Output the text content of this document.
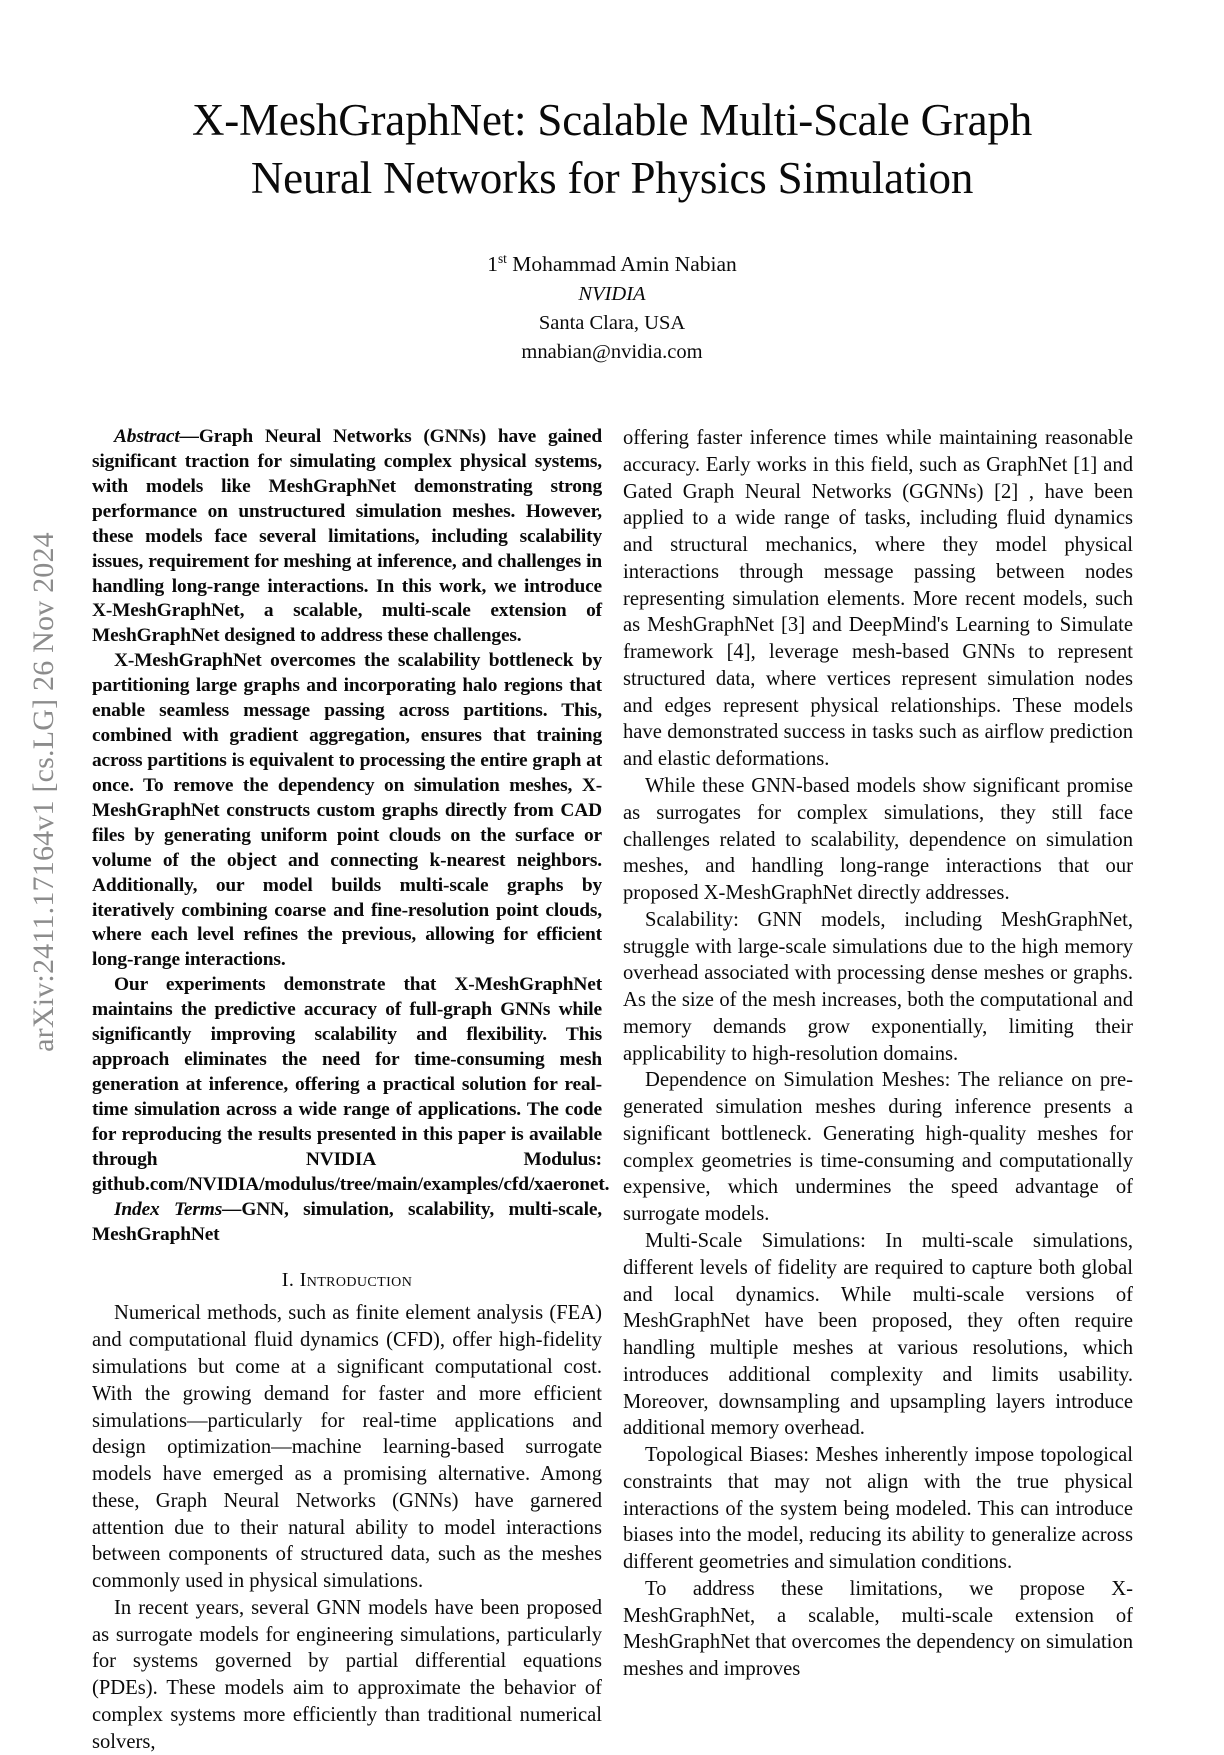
arXiv:2411.17164v1 [cs.LG] 26 Nov 2024
X-MeshGraphNet: Scalable Multi-Scale Graph Neural Networks for Physics Simulation
1st Mohammad Amin Nabian
NVIDIA
Santa Clara, USA
mnabian@nvidia.com

Abstract—Graph Neural Networks (GNNs) have gained significant traction for simulating complex physical systems, with models like MeshGraphNet demonstrating strong performance on unstructured simulation meshes. However, these models face several limitations, including scalability issues, requirement for meshing at inference, and challenges in handling long-range interactions. In this work, we introduce X-MeshGraphNet, a scalable, multi-scale extension of MeshGraphNet designed to address these challenges.

X-MeshGraphNet overcomes the scalability bottleneck by partitioning large graphs and incorporating halo regions that enable seamless message passing across partitions. This, combined with gradient aggregation, ensures that training across partitions is equivalent to processing the entire graph at once. To remove the dependency on simulation meshes, X-MeshGraphNet constructs custom graphs directly from CAD files by generating uniform point clouds on the surface or volume of the object and connecting k-nearest neighbors. Additionally, our model builds multi-scale graphs by iteratively combining coarse and fine-resolution point clouds, where each level refines the previous, allowing for efficient long-range interactions.

Our experiments demonstrate that X-MeshGraphNet maintains the predictive accuracy of full-graph GNNs while significantly improving scalability and flexibility. This approach eliminates the need for time-consuming mesh generation at inference, offering a practical solution for real-time simulation across a wide range of applications. The code for reproducing the results presented in this paper is available through NVIDIA Modulus: github.com/NVIDIA/modulus/tree/main/examples/cfd/xaeronet.

Index Terms—GNN, simulation, scalability, multi-scale, MeshGraphNet

I. Introduction

Numerical methods, such as finite element analysis (FEA) and computational fluid dynamics (CFD), offer high-fidelity simulations but come at a significant computational cost. With the growing demand for faster and more efficient simulations—particularly for real-time applications and design optimization—machine learning-based surrogate models have emerged as a promising alternative. Among these, Graph Neural Networks (GNNs) have garnered attention due to their natural ability to model interactions between components of structured data, such as the meshes commonly used in physical simulations.

In recent years, several GNN models have been proposed as surrogate models for engineering simulations, particularly for systems governed by partial differential equations (PDEs). These models aim to approximate the behavior of complex systems more efficiently than traditional numerical solvers,

offering faster inference times while maintaining reasonable accuracy. Early works in this field, such as GraphNet [1] and Gated Graph Neural Networks (GGNNs) [2] , have been applied to a wide range of tasks, including fluid dynamics and structural mechanics, where they model physical interactions through message passing between nodes representing simulation elements. More recent models, such as MeshGraphNet [3] and DeepMind's Learning to Simulate framework [4], leverage mesh-based GNNs to represent structured data, where vertices represent simulation nodes and edges represent physical relationships. These models have demonstrated success in tasks such as airflow prediction and elastic deformations.

While these GNN-based models show significant promise as surrogates for complex simulations, they still face challenges related to scalability, dependence on simulation meshes, and handling long-range interactions that our proposed X-MeshGraphNet directly addresses.

Scalability: GNN models, including MeshGraphNet, struggle with large-scale simulations due to the high memory overhead associated with processing dense meshes or graphs. As the size of the mesh increases, both the computational and memory demands grow exponentially, limiting their applicability to high-resolution domains.

Dependence on Simulation Meshes: The reliance on pre-generated simulation meshes during inference presents a significant bottleneck. Generating high-quality meshes for complex geometries is time-consuming and computationally expensive, which undermines the speed advantage of surrogate models.

Multi-Scale Simulations: In multi-scale simulations, different levels of fidelity are required to capture both global and local dynamics. While multi-scale versions of MeshGraphNet have been proposed, they often require handling multiple meshes at various resolutions, which introduces additional complexity and limits usability. Moreover, downsampling and upsampling layers introduce additional memory overhead.

Topological Biases: Meshes inherently impose topological constraints that may not align with the true physical interactions of the system being modeled. This can introduce biases into the model, reducing its ability to generalize across different geometries and simulation conditions.

To address these limitations, we propose X-MeshGraphNet, a scalable, multi-scale extension of MeshGraphNet that overcomes the dependency on simulation meshes and improves
